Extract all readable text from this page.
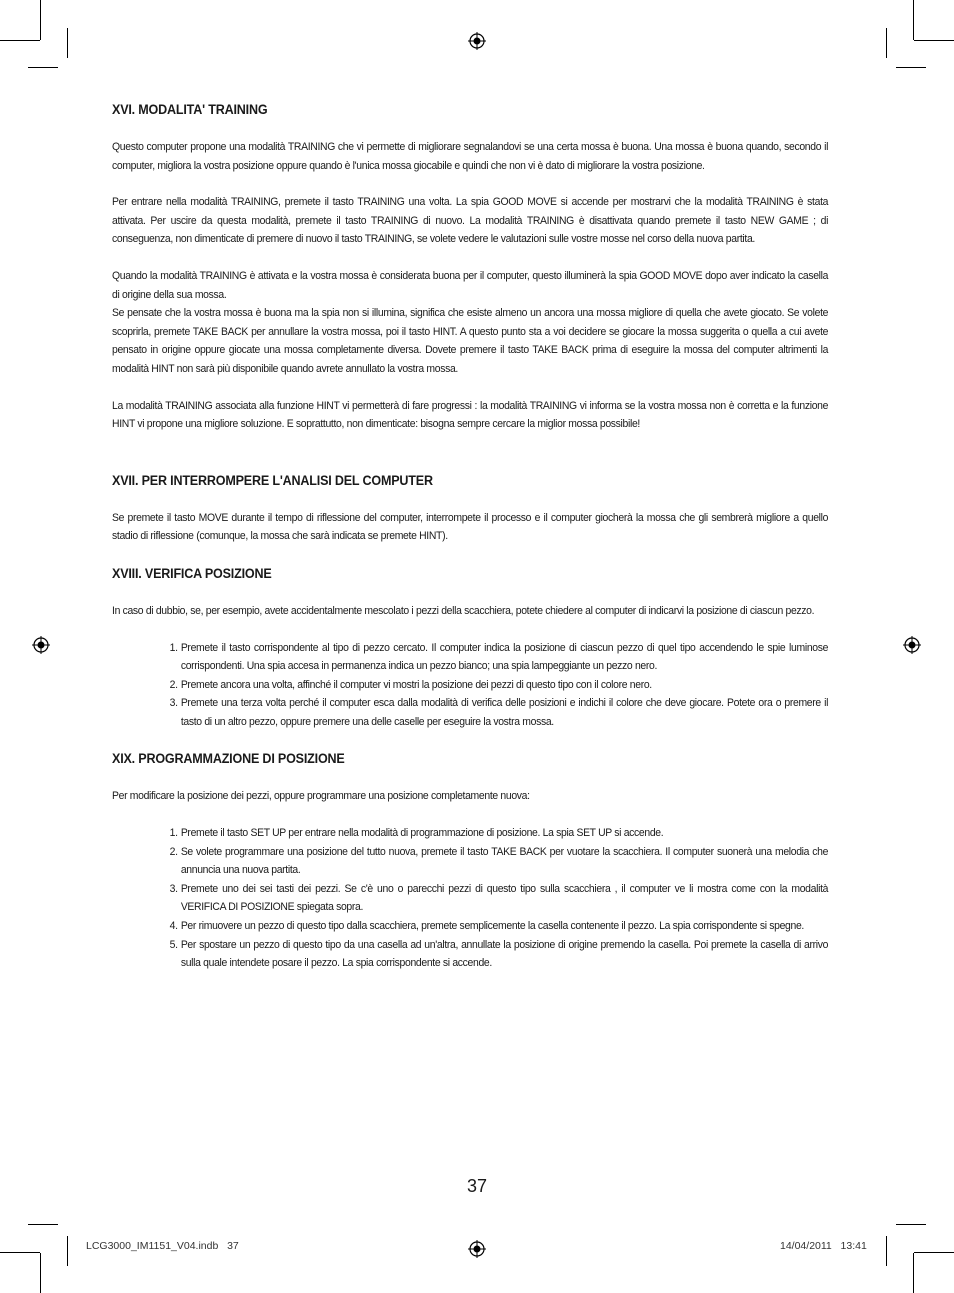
XVI. MODALITA' TRAINING

Questo computer propone una modalità TRAINING che vi permette di migliorare segnalandovi se una certa mossa è buona. Una mossa è buona quando, secondo il computer, migliora la vostra posizione oppure quando è l'unica mossa giocabile e quindi che non vi è dato di migliorare la vostra posizione.

Per entrare nella modalità TRAINING, premete il tasto TRAINING una volta. La spia GOOD MOVE si accende per mostrarvi che la modalità TRAINING è stata attivata. Per uscire da questa modalità, premete il tasto TRAINING di nuovo. La modalità TRAINING è disattivata quando premete il tasto NEW GAME ; di conseguenza, non dimenticate di premere di nuovo il tasto TRAINING, se volete vedere le valutazioni sulle vostre mosse nel corso della nuova partita.

Quando la modalità TRAINING è attivata e la vostra mossa è considerata buona per il computer, questo illuminerà la spia GOOD MOVE dopo aver indicato la casella di origine della sua mossa.

Se pensate che la vostra mossa è buona ma la spia non si illumina, significa che esiste almeno un ancora una mossa migliore di quella che avete giocato. Se volete scoprirla, premete TAKE BACK per annullare la vostra mossa, poi il tasto HINT. A questo punto sta a voi decidere se giocare la mossa suggerita o quella a cui avete pensato in origine oppure giocate una mossa completamente diversa. Dovete premere il tasto TAKE BACK prima di eseguire la mossa del computer altrimenti la modalità HINT non sarà più disponibile quando avrete annullato la vostra mossa.

La modalità TRAINING associata alla funzione HINT vi permetterà di fare progressi : la modalità TRAINING vi informa se la vostra mossa non è corretta e la funzione HINT vi propone una migliore soluzione. E soprattutto, non dimenticate: bisogna sempre cercare la miglior mossa possibile!

XVII. PER INTERROMPERE L'ANALISI DEL COMPUTER

Se premete il tasto MOVE durante il tempo di riflessione del computer, interrompete il processo e il computer giocherà la mossa che gli sembrerà migliore a quello stadio di riflessione (comunque, la mossa che sarà indicata se premete HINT).

XVIII. VERIFICA POSIZIONE

In caso di dubbio, se, per esempio, avete accidentalmente mescolato i pezzi della scacchiera, potete chiedere al computer di indicarvi la posizione di ciascun pezzo.

1. Premete il tasto corrispondente al tipo di pezzo cercato. Il computer indica la posizione di ciascun pezzo di quel tipo accendendo le spie luminose corrispondenti. Una spia accesa in permanenza indica un pezzo bianco; una spia lampeggiante un pezzo nero.
2. Premete ancora una volta, affinché il computer vi mostri la posizione dei pezzi di questo tipo con il colore nero.
3. Premete una terza volta perché il computer esca dalla modalità di verifica delle posizioni e indichi il colore che deve giocare. Potete ora o premere il tasto di un altro pezzo, oppure premere una delle caselle per eseguire la vostra mossa.
XIX. PROGRAMMAZIONE DI POSIZIONE

Per modificare la posizione dei pezzi, oppure programmare una posizione completamente nuova:

1. Premete il tasto SET UP per entrare nella modalità di programmazione di posizione. La spia SET UP si accende.
2. Se volete programmare una posizione del tutto nuova, premete il tasto TAKE BACK per vuotare la scacchiera. Il computer suonerà una melodia che annuncia una nuova partita.
3. Premete uno dei sei tasti dei pezzi. Se c'è uno o parecchi pezzi di questo tipo sulla scacchiera , il computer ve li mostra come con la modalità VERIFICA DI POSIZIONE spiegata sopra.
4. Per rimuovere un pezzo di questo tipo dalla scacchiera, premete semplicemente la casella contenente il pezzo. La spia corrispondente si spegne.
5. Per spostare un pezzo di questo tipo da una casella ad un'altra, annullate la posizione di origine premendo la casella. Poi premete la casella di arrivo sulla quale intendete posare il pezzo. La spia corrispondente si accende.
37
LCG3000_IM1151_V04.indb   37	14/04/2011   13:41
